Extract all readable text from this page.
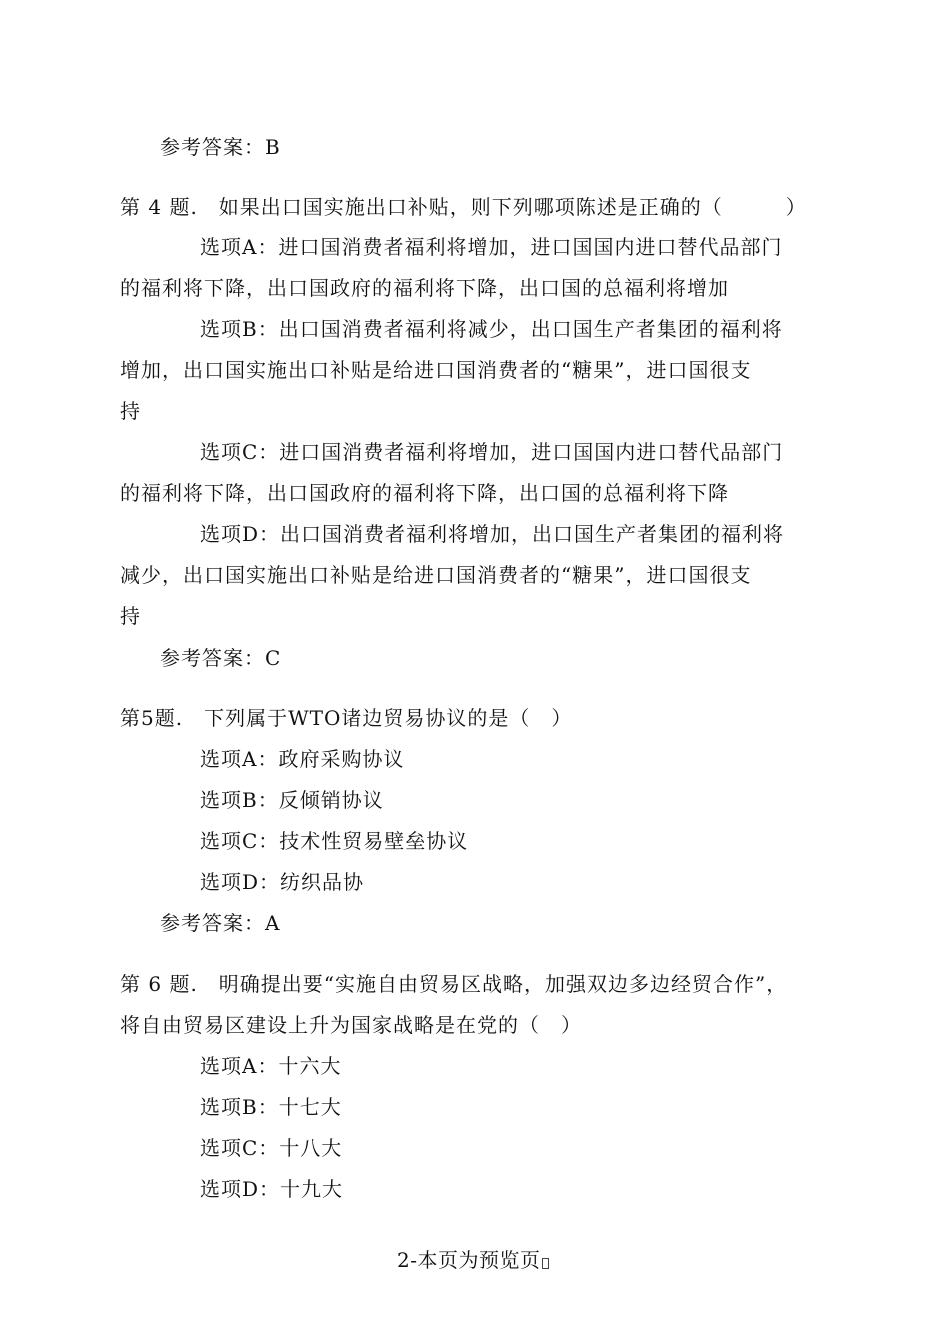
参考答案：B
第 4 题.　如果出口国实施出口补贴，则下列哪项陈述是正确的（　　　）
选项A：进口国消费者福利将增加，进口国国内进口替代品部门
的福利将下降，出口国政府的福利将下降，出口国的总福利将增加
选项B：出口国消费者福利将减少，出口国生产者集团的福利将
增加，出口国实施出口补贴是给进口国消费者的“糖果”，进口国很支
持
选项C：进口国消费者福利将增加，进口国国内进口替代品部门
的福利将下降，出口国政府的福利将下降，出口国的总福利将下降
选项D：出口国消费者福利将增加，出口国生产者集团的福利将
减少，出口国实施出口补贴是给进口国消费者的“糖果”，进口国很支
持
参考答案：C
第5题.　下列属于WTO诸边贸易协议的是（　）
选项A：政府采购协议
选项B：反倾销协议
选项C：技术性贸易壁垒协议
选项D：纺织品协
参考答案：A
第 6 题.　明确提出要“实施自由贸易区战略，加强双边多边经贸合作”，
将自由贸易区建设上升为国家战略是在党的（　）
选项A：十六大
选项B：十七大
选项C：十八大
选项D：十九大
2-本页为预览页
